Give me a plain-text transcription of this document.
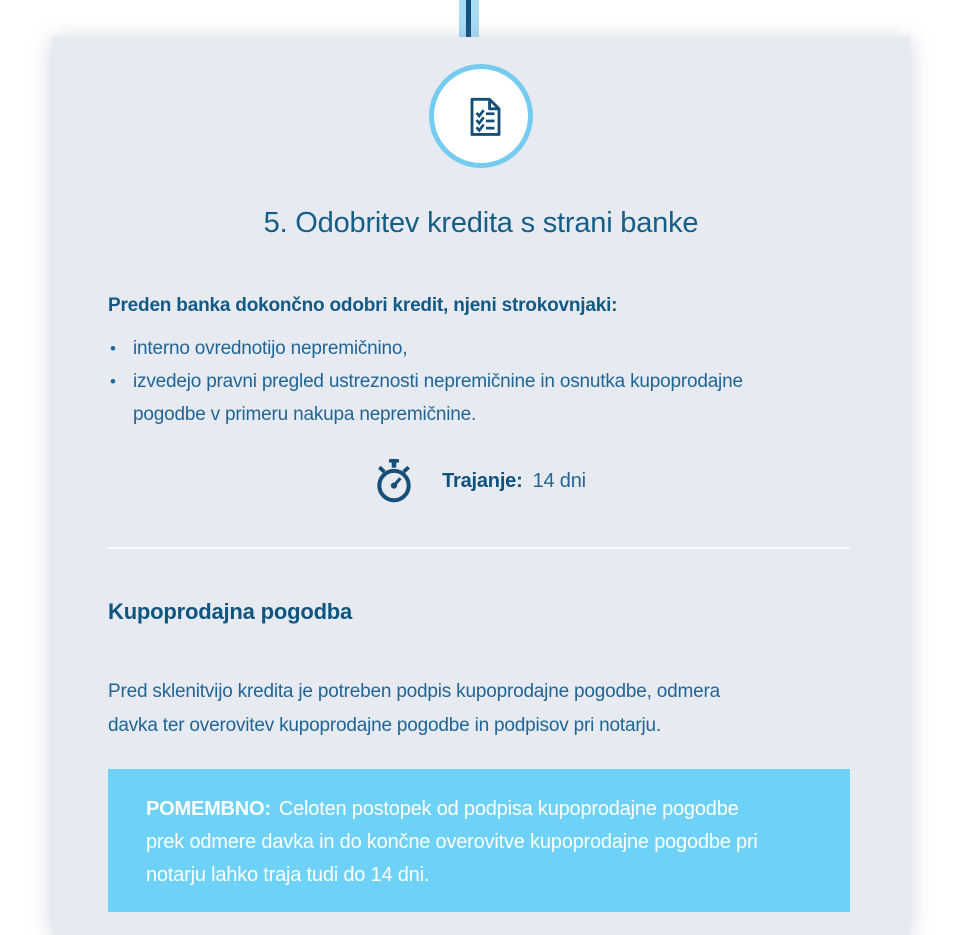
5. Odobritev kredita s strani banke

Preden banka dokončno odobri kredit, njeni strokovnjaki:

• interno ovrednotijo nepremičnino,
• izvedejo pravni pregled ustreznosti nepremičnine in osnutka kupoprodajne
pogodbe v primeru nakupa nepremičnine.
Trajanje: 14 dni
Kupoprodajna pogodba

Pred sklenitvijo kredita je potreben podpis kupoprodajne pogodbe, odmera
davka ter overovitev kupoprodajne pogodbe in podpisov pri notarju.

POMEMBNO: Celoten postopek od podpisa kupoprodajne pogodbe
prek odmere davka in do končne overovitve kupoprodajne pogodbe pri
notarju lahko traja tudi do 14 dni.
